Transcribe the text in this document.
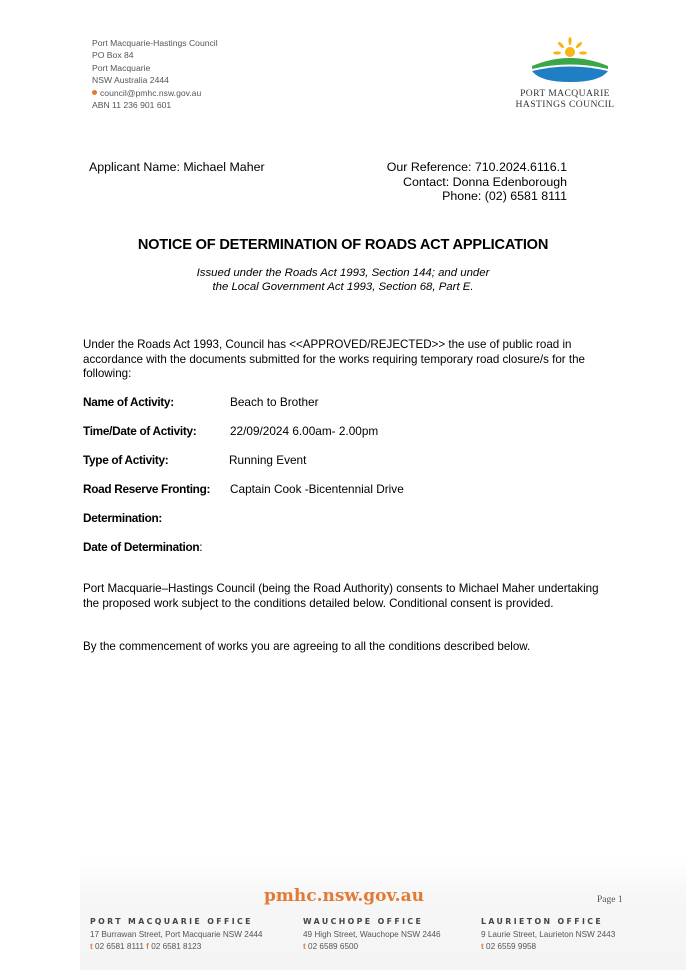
Port Macquarie-Hastings Council
PO Box 84
Port Macquarie
NSW Australia 2444
council@pmhc.nsw.gov.au
ABN 11 236 901 601
PORT MACQUARIE
HASTINGS COUNCIL
Applicant Name: Michael Maher	Our Reference: 710.2024.6116.1
Contact: Donna Edenborough
Phone: (02) 6581 8111
NOTICE OF DETERMINATION OF ROADS ACT APPLICATION
Issued under the Roads Act 1993, Section 144; and under
the Local Government Act 1993, Section 68, Part E.
Under the Roads Act 1993, Council has <<APPROVED/REJECTED>> the use of public road in accordance with the documents submitted for the works requiring temporary road closure/s for the following:
Name of Activity:	Beach to Brother
Time/Date of Activity:	22/09/2024 6.00am- 2.00pm
Type of Activity:	Running Event
Road Reserve Fronting: Captain Cook -Bicentennial Drive
Determination:
Date of Determination:
Port Macquarie–Hastings Council (being the Road Authority) consents to Michael Maher undertaking the proposed work subject to the conditions detailed below. Conditional consent is provided.
By the commencement of works you are agreeing to all the conditions described below.
pmhc.nsw.gov.au	Page 1
PORT MACQUARIE OFFICE
17 Burrawan Street, Port Macquarie NSW 2444
t 02 6581 8111 f 02 6581 8123
WAUCHOPE OFFICE
49 High Street, Wauchope NSW 2446
t 02 6589 6500
LAURIETON OFFICE
9 Laurie Street, Laurieton NSW 2443
t 02 6559 9958
